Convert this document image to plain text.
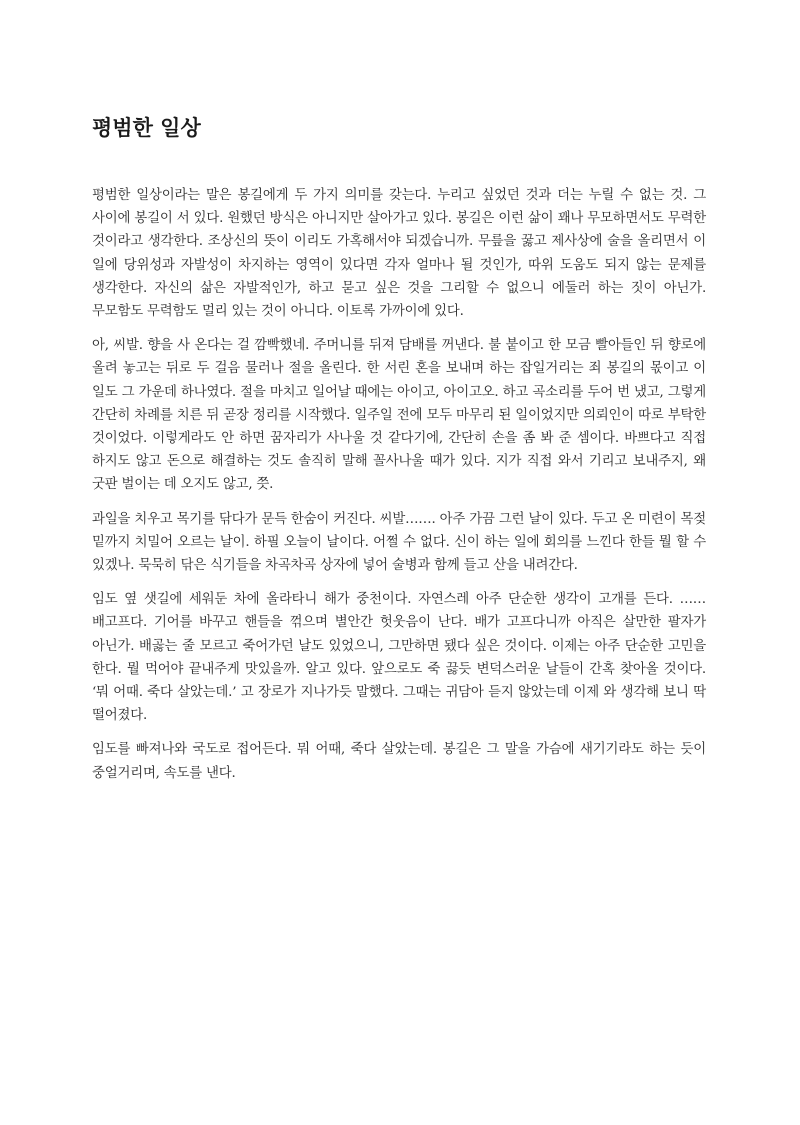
평범한 일상

평범한 일상이라는 말은 봉길에게 두 가지 의미를 갖는다. 누리고 싶었던 것과 더는 누릴 수 없는 것. 그 사이에 봉길이 서 있다. 원했던 방식은 아니지만 살아가고 있다. 봉길은 이런 삶이 꽤나 무모하면서도 무력한 것이라고 생각한다. 조상신의 뜻이 이리도 가혹해서야 되겠습니까. 무릎을 꿇고 제사상에 술을 올리면서 이 일에 당위성과 자발성이 차지하는 영역이 있다면 각자 얼마나 될 것인가, 따위 도움도 되지 않는 문제를 생각한다. 자신의 삶은 자발적인가, 하고 묻고 싶은 것을 그리할 수 없으니 에둘러 하는 짓이 아닌가. 무모함도 무력함도 멀리 있는 것이 아니다. 이토록 가까이에 있다.

아, 씨발. 향을 사 온다는 걸 깜빡했네. 주머니를 뒤져 담배를 꺼낸다. 불 붙이고 한 모금 빨아들인 뒤 향로에 올려 놓고는 뒤로 두 걸음 물러나 절을 올린다. 한 서린 혼을 보내며 하는 잡일거리는 죄 봉길의 몫이고 이 일도 그 가운데 하나였다. 절을 마치고 일어날 때에는 아이고, 아이고오. 하고 곡소리를 두어 번 냈고, 그렇게 간단히 차례를 치른 뒤 곧장 정리를 시작했다. 일주일 전에 모두 마무리 된 일이었지만 의뢰인이 따로 부탁한 것이었다. 이렇게라도 안 하면 꿈자리가 사나울 것 같다기에, 간단히 손을 좀 봐 준 셈이다. 바쁘다고 직접 하지도 않고 돈으로 해결하는 것도 솔직히 말해 꼴사나울 때가 있다. 지가 직접 와서 기리고 보내주지, 왜 굿판 벌이는 데 오지도 않고, 쯧.

과일을 치우고 목기를 닦다가 문득 한숨이 커진다. 씨발……. 아주 가끔 그런 날이 있다. 두고 온 미련이 목젖 밑까지 치밀어 오르는 날이. 하필 오늘이 날이다. 어쩔 수 없다. 신이 하는 일에 회의를 느낀다 한들 뭘 할 수 있겠나. 묵묵히 닦은 식기들을 차곡차곡 상자에 넣어 술병과 함께 들고 산을 내려간다.

임도 옆 샛길에 세워둔 차에 올라타니 해가 중천이다. 자연스레 아주 단순한 생각이 고개를 든다. ……배고프다. 기어를 바꾸고 핸들을 꺾으며 별안간 헛웃음이 난다. 배가 고프다니까 아직은 살만한 팔자가 아닌가. 배곯는 줄 모르고 죽어가던 날도 있었으니, 그만하면 됐다 싶은 것이다. 이제는 아주 단순한 고민을 한다. 뭘 먹어야 끝내주게 맛있을까. 알고 있다. 앞으로도 죽 끓듯 변덕스러운 날들이 간혹 찾아올 것이다. ‘뭐 어때. 죽다 살았는데.’ 고 장로가 지나가듯 말했다. 그때는 귀담아 듣지 않았는데 이제 와 생각해 보니 딱 떨어졌다.

임도를 빠져나와 국도로 접어든다. 뭐 어때, 죽다 살았는데. 봉길은 그 말을 가슴에 새기기라도 하는 듯이 중얼거리며, 속도를 낸다.
